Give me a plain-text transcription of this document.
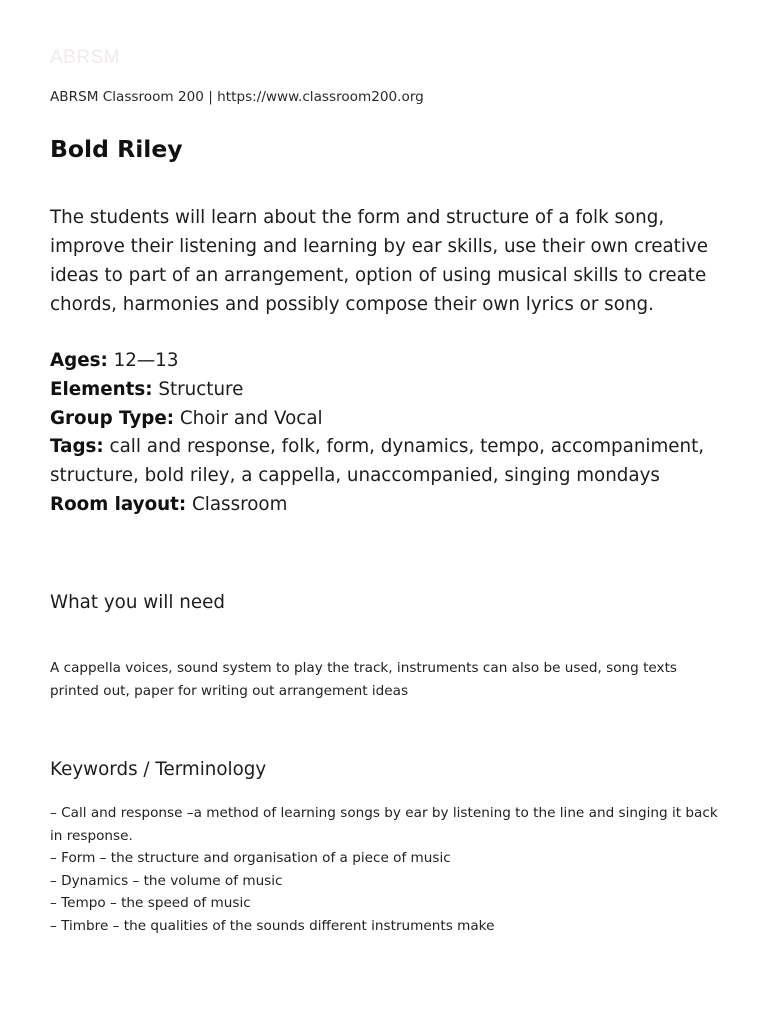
ABRSM
ABRSM Classroom 200 | https://www.classroom200.org
Bold Riley

The students will learn about the form and structure of a folk song, improve their listening and learning by ear skills, use their own creative ideas to part of an arrangement, option of using musical skills to create chords, harmonies and possibly compose their own lyrics or song.

Ages: 12—13

Elements: Structure

Group Type: Choir and Vocal

Tags: call and response, folk, form, dynamics, tempo, accompaniment, structure, bold riley, a cappella, unaccompanied, singing mondays

Room layout: Classroom

What you will need

A cappella voices, sound system to play the track, instruments can also be used, song texts printed out, paper for writing out arrangement ideas

Keywords / Terminology
– Call and response –a method of learning songs by ear by listening to the line and singing it back in response.
– Form – the structure and organisation of a piece of music
– Dynamics – the volume of music
– Tempo – the speed of music
– Timbre – the qualities of the sounds different instruments make
